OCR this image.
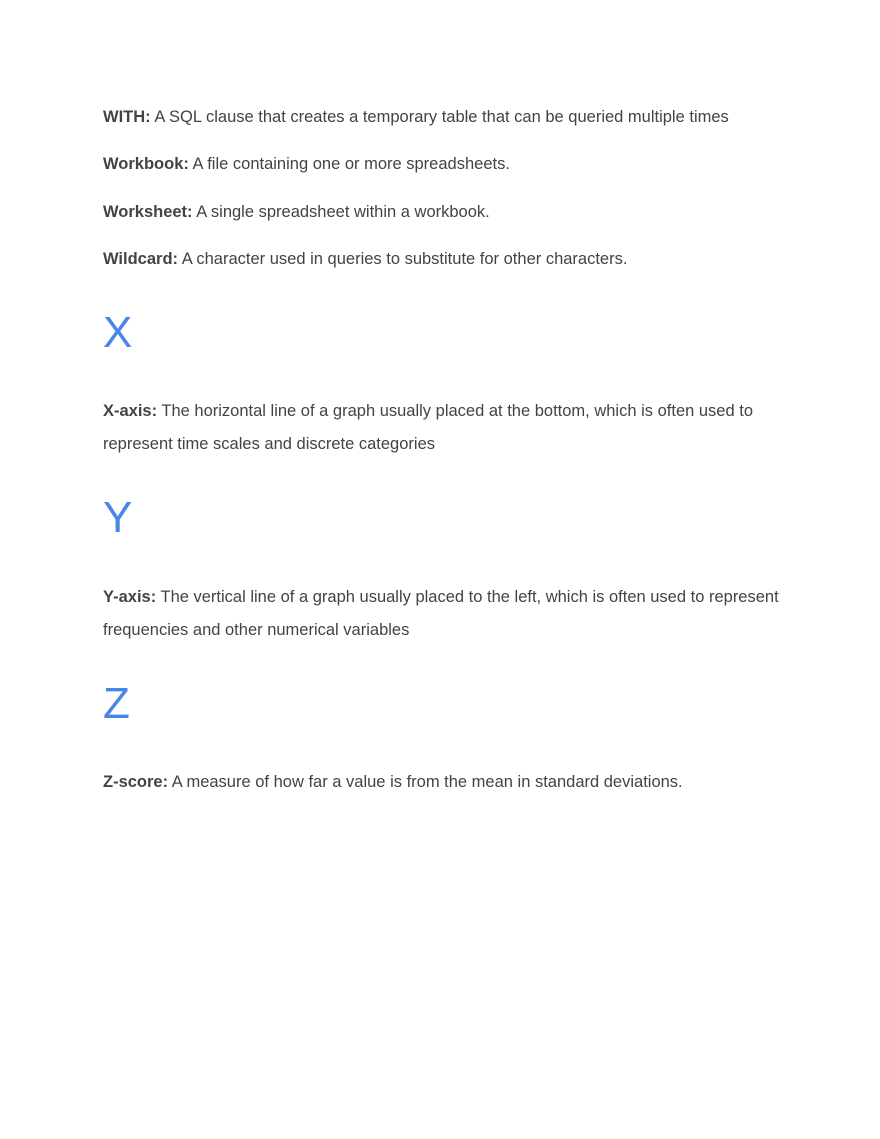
WITH: A SQL clause that creates a temporary table that can be queried multiple times

Workbook: A file containing one or more spreadsheets.

Worksheet: A single spreadsheet within a workbook.

Wildcard: A character used in queries to substitute for other characters.

X

X-axis: The horizontal line of a graph usually placed at the bottom, which is often used to represent time scales and discrete categories

Y

Y-axis: The vertical line of a graph usually placed to the left, which is often used to represent frequencies and other numerical variables

Z

Z-score: A measure of how far a value is from the mean in standard deviations.
